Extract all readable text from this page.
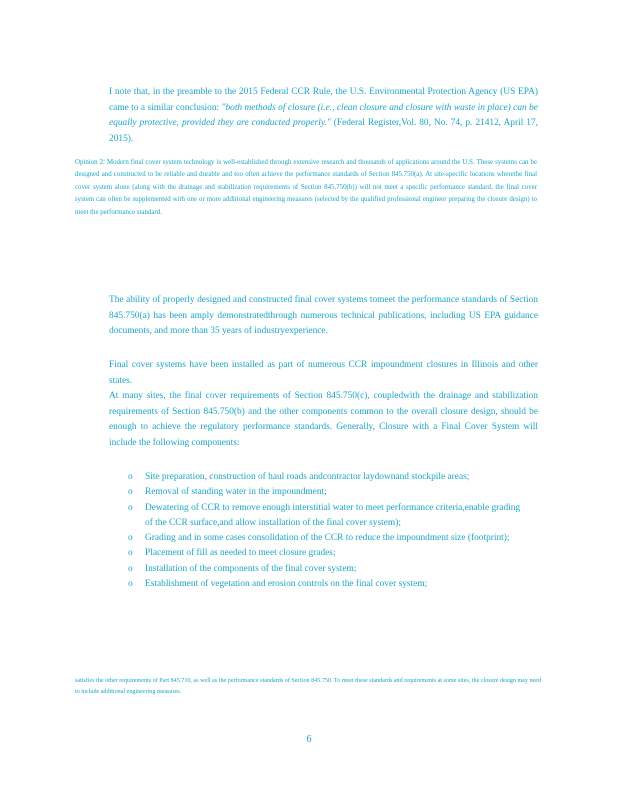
I note that, in the preamble to the 2015 Federal CCR Rule, the U.S. Environmental Protection Agency (US EPA) came to a similar conclusion: "both methods of closure (i.e., clean closure and closure with waste in place) can be equally protective, provided they are conducted properly." (Federal Register,Vol. 80, No. 74, p. 21412, April 17, 2015).

Opinion 2: Modern final cover system technology is well-established through extensive research and thousands of applications around the U.S. These systems can be designed and constructed to be reliable and durable and too often achieve the performance standards of Section 845.750(a). At site-specific locations wherethe final cover system alone (along with the drainage and stabilization requirements of Section 845.750(b)) will not meet a specific performance standard, the final cover system can often be supplemented with one or more additional engineering measures (selected by the qualified professional engineer preparing the closure design) to meet the performance standard.

The ability of properly designed and constructed final cover systems tomeet the performance standards of Section 845.750(a) has been amply demonstratedthrough numerous technical publications, including US EPA guidance documents, and more than 35 years of industryexperience.
Final cover systems have been installed as part of numerous CCR impoundment closures in Illinois and other states.
At many sites, the final cover requirements of Section 845.750(c), coupledwith the drainage and stabilization requirements of Section 845.750(b) and the other components common to the overall closure design, should be enough to achieve the regulatory performance standards. Generally, Closure with a Final Cover System will include the following components:
o Site preparation, construction of haul roads andcontractor laydownand stockpile areas;
o Removal of standing water in the impoundment;
o Dewatering of CCR to remove enough interstitial water to meet performance criteria,enable grading of the CCR surface,and allow installation of the final cover system);
o Grading and in some cases consolidation of the CCR to reduce the impoundment size (footprint);
o Placement of fill as needed to meet closure grades;
o Installation of the components of the final cover system;
o Establishment of vegetation and erosion controls on the final cover system;

satisfies the other requirements of Part 845.710, as well as the performance standards of Section 845.750. To meet these standards and requirements at some sites, the closure design may need to include additional engineering measures.

6
